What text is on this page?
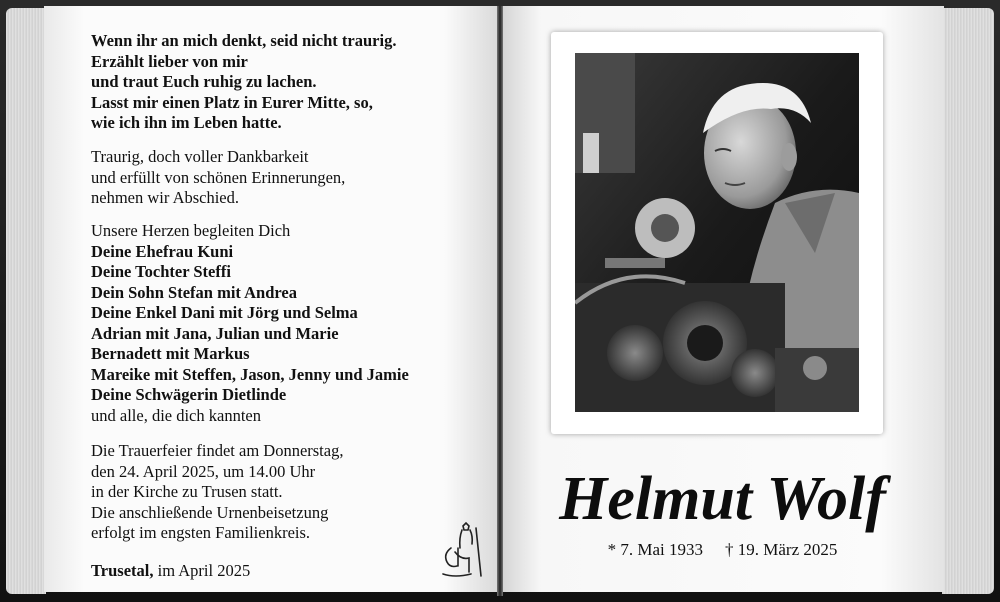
Wenn ihr an mich denkt, seid nicht traurig.
Erzählt lieber von mir
und traut Euch ruhig zu lachen.
Lasst mir einen Platz in Eurer Mitte, so,
wie ich ihn im Leben hatte.
Traurig, doch voller Dankbarkeit
und erfüllt von schönen Erinnerungen,
nehmen wir Abschied.
Unsere Herzen begleiten Dich
Deine Ehefrau Kuni
Deine Tochter Steffi
Dein Sohn Stefan mit Andrea
Deine Enkel Dani mit Jörg und Selma
Adrian mit Jana, Julian und Marie
Bernadett mit Markus
Mareike mit Steffen, Jason, Jenny und Jamie
Deine Schwägerin Dietlinde
und alle, die dich kannten
Die Trauerfeier findet am Donnerstag,
den 24. April 2025, um 14.00 Uhr
in der Kirche zu Trusen statt.
Die anschließende Urnenbeisetzung
erfolgt im engsten Familienkreis.
Trusetal, im April 2025
Helmut Wolf
* 7. Mai 1933 † 19. März 2025
